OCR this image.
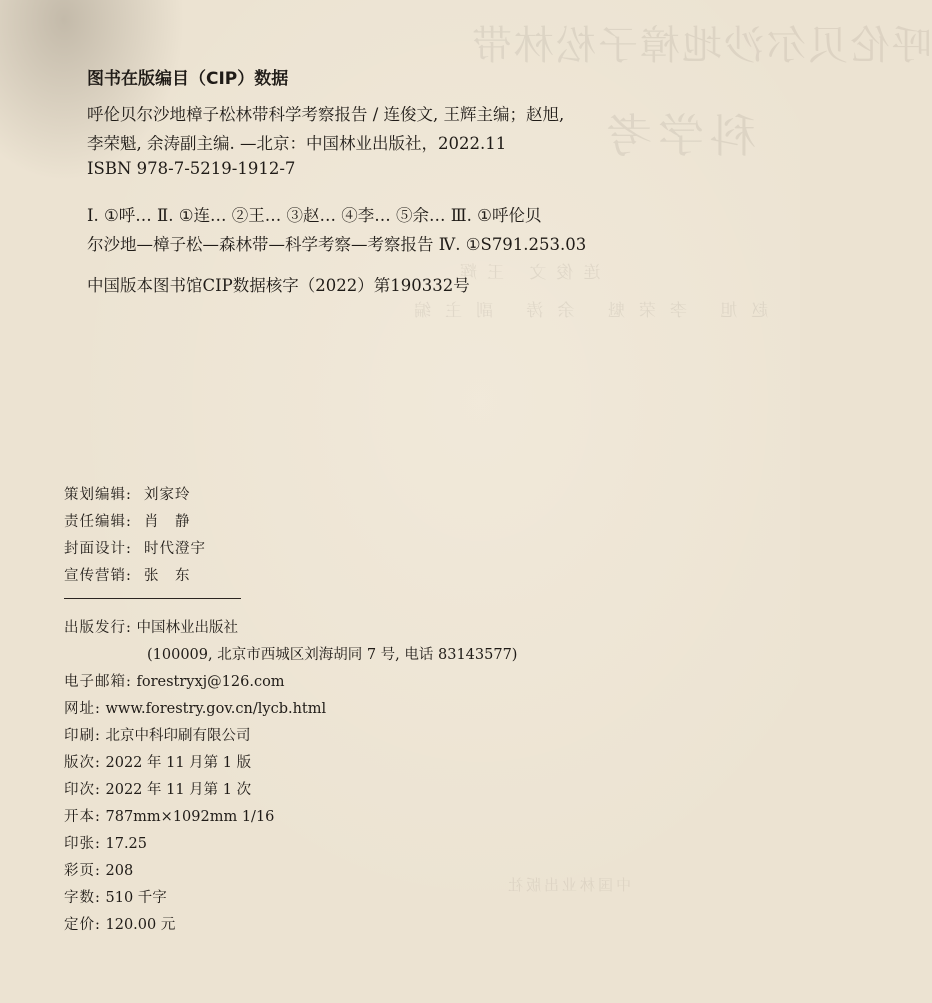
图书在版编目（CIP）数据
呼伦贝尔沙地樟子松林带科学考察报告 / 连俊文, 王辉主编；赵旭,
李荣魁, 余涛副主编. —北京：中国林业出版社，2022.11
ISBN 978-7-5219-1912-7
Ⅰ. ①呼… Ⅱ. ①连… ②王… ③赵… ④李… ⑤余… Ⅲ. ①呼伦贝
尔沙地—樟子松—森林带—科学考察—考察报告 Ⅳ. ①S791.253.03
中国版本图书馆CIP数据核字（2022）第190332号
策划编辑: 刘家玲
责任编辑: 肖　静
封面设计: 时代澄宇
宣传营销: 张　东
出版发行: 中国林业出版社
(100009, 北京市西城区刘海胡同 7 号, 电话 83143577)
电子邮箱: forestryxj@126.com
网址: www.forestry.gov.cn/lycb.html
印刷: 北京中科印刷有限公司
版次: 2022 年 11 月第 1 版
印次: 2022 年 11 月第 1 次
开本: 787mm×1092mm 1/16
印张: 17.25
彩页: 208
字数: 510 千字
定价: 120.00 元
